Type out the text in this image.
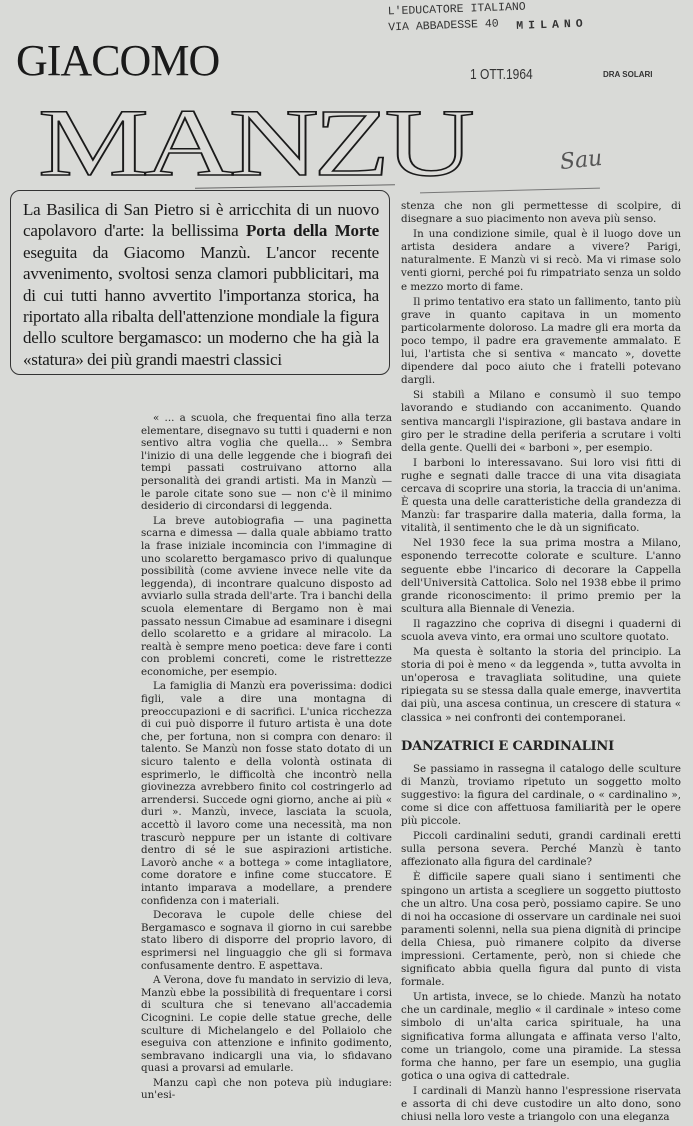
L'EDUCATORE ITALIANO
VIA ABBADESSE 40	MILANO
1 OTT.1964	DRA SOLARI
GIACOMO
MANZU	Sau
La Basilica di San Pietro si è arricchita di un nuovo capolavoro d'arte: la bellissima Porta della Morte eseguita da Giacomo Manzù. L'ancor recente avvenimento, svoltosi senza clamori pubblicitari, ma di cui tutti hanno avvertito l'importanza storica, ha riportato alla ribalta dell'attenzione mondiale la figura dello scultore bergamasco: un moderno che ha già la «statura» dei più grandi maestri classici

« ... a scuola, che frequentai fino alla terza elementare, disegnavo su tutti i quaderni e non sentivo altra voglia che quella... » Sembra l'inizio di una delle leggende che i biografi dei tempi passati costruivano attorno alla personalità dei grandi artisti. Ma in Manzù — le parole citate sono sue — non c'è il minimo desiderio di circondarsi di leggenda.

La breve autobiografia — una paginetta scarna e dimessa — dalla quale abbiamo tratto la frase iniziale incomincia con l'immagine di uno scolaretto bergamasco privo di qualunque possibilità (come avviene invece nelle vite da leggenda), di incontrare qualcuno disposto ad avviarlo sulla strada dell'arte. Tra i banchi della scuola elementare di Bergamo non è mai passato nessun Cimabue ad esaminare i disegni dello scolaretto e a gridare al miracolo. La realtà è sempre meno poetica: deve fare i conti con problemi concreti, come le ristrettezze economiche, per esempio.

La famiglia di Manzù era poverissima: dodici figli, vale a dire una montagna di preoccupazioni e di sacrifici. L'unica ricchezza di cui può disporre il futuro artista è una dote che, per fortuna, non si compra con denaro: il talento. Se Manzù non fosse stato dotato di un sicuro talento e della volontà ostinata di esprimerlo, le difficoltà che incontrò nella giovinezza avrebbero finito col costringerlo ad arrendersi. Succede ogni giorno, anche ai più « duri ». Manzù, invece, lasciata la scuola, accettò il lavoro come una necessità, ma non trascurò neppure per un istante di coltivare dentro di sé le sue aspirazioni artistiche. Lavorò anche « a bottega » come intagliatore, come doratore e infine come stuccatore. E intanto imparava a modellare, a prendere confidenza con i materiali.

Decorava le cupole delle chiese del Bergamasco e sognava il giorno in cui sarebbe stato libero di disporre del proprio lavoro, di esprimersi nel linguaggio che gli si formava confusamente dentro. E aspettava.

A Verona, dove fu mandato in servizio di leva, Manzù ebbe la possibilità di frequentare i corsi di scultura che si tenevano all'accademia Cicognini. Le copie delle statue greche, delle sculture di Michelangelo e del Pollaiolo che eseguiva con attenzione e infinito godimento, sembravano indicargli una via, lo sfidavano quasi a provarsi ad emularle.

Manzu capì che non poteva più indugiare: un'esi-

stenza che non gli permettesse di scolpire, di disegnare a suo piacimento non aveva più senso.

In una condizione simile, qual è il luogo dove un artista desidera andare a vivere? Parigi, naturalmente. E Manzù vi si recò. Ma vi rimase solo venti giorni, perché poi fu rimpatriato senza un soldo e mezzo morto di fame.

Il primo tentativo era stato un fallimento, tanto più grave in quanto capitava in un momento particolarmente doloroso. La madre gli era morta da poco tempo, il padre era gravemente ammalato. E lui, l'artista che si sentiva « mancato », dovette dipendere dal poco aiuto che i fratelli potevano dargli.

Si stabilì a Milano e consumò il suo tempo lavorando e studiando con accanimento. Quando sentiva mancargli l'ispirazione, gli bastava andare in giro per le stradine della periferia a scrutare i volti della gente. Quelli dei « barboni », per esempio.

I barboni lo interessavano. Sui loro visi fitti di rughe e segnati dalle tracce di una vita disagiata cercava di scoprire una storia, la traccia di un'anima. È questa una delle caratteristiche della grandezza di Manzù: far trasparire dalla materia, dalla forma, la vitalità, il sentimento che le dà un significato.

Nel 1930 fece la sua prima mostra a Milano, esponendo terrecotte colorate e sculture. L'anno seguente ebbe l'incarico di decorare la Cappella dell'Università Cattolica. Solo nel 1938 ebbe il primo grande riconoscimento: il primo premio per la scultura alla Biennale di Venezia.

Il ragazzino che copriva di disegni i quaderni di scuola aveva vinto, era ormai uno scultore quotato.

Ma questa è soltanto la storia del principio. La storia di poi è meno « da leggenda », tutta avvolta in un'operosa e travagliata solitudine, una quiete ripiegata su se stessa dalla quale emerge, inavvertita dai più, una ascesa continua, un crescere di statura « classica » nei confronti dei contemporanei.

DANZATRICI E CARDINALINI

Se passiamo in rassegna il catalogo delle sculture di Manzù, troviamo ripetuto un soggetto molto suggestivo: la figura del cardinale, o « cardinalino », come si dice con affettuosa familiarità per le opere più piccole.

Piccoli cardinalini seduti, grandi cardinali eretti sulla persona severa. Perché Manzù è tanto affezionato alla figura del cardinale?

È difficile sapere quali siano i sentimenti che spingono un artista a scegliere un soggetto piuttosto che un altro. Una cosa però, possiamo capire. Se uno di noi ha occasione di osservare un cardinale nei suoi paramenti solenni, nella sua piena dignità di principe della Chiesa, può rimanere colpito da diverse impressioni. Certamente, però, non si chiede che significato abbia quella figura dal punto di vista formale.

Un artista, invece, se lo chiede. Manzù ha notato che un cardinale, meglio « il cardinale » inteso come simbolo di un'alta carica spirituale, ha una significativa forma allungata e affinata verso l'alto, come un triangolo, come una piramide. La stessa forma che hanno, per fare un esempio, una guglia gotica o una ogiva di cattedrale.

I cardinali di Manzù hanno l'espressione riservata e assorta di chi deve custodire un alto dono, sono chiusi nella loro veste a triangolo con una eleganza
